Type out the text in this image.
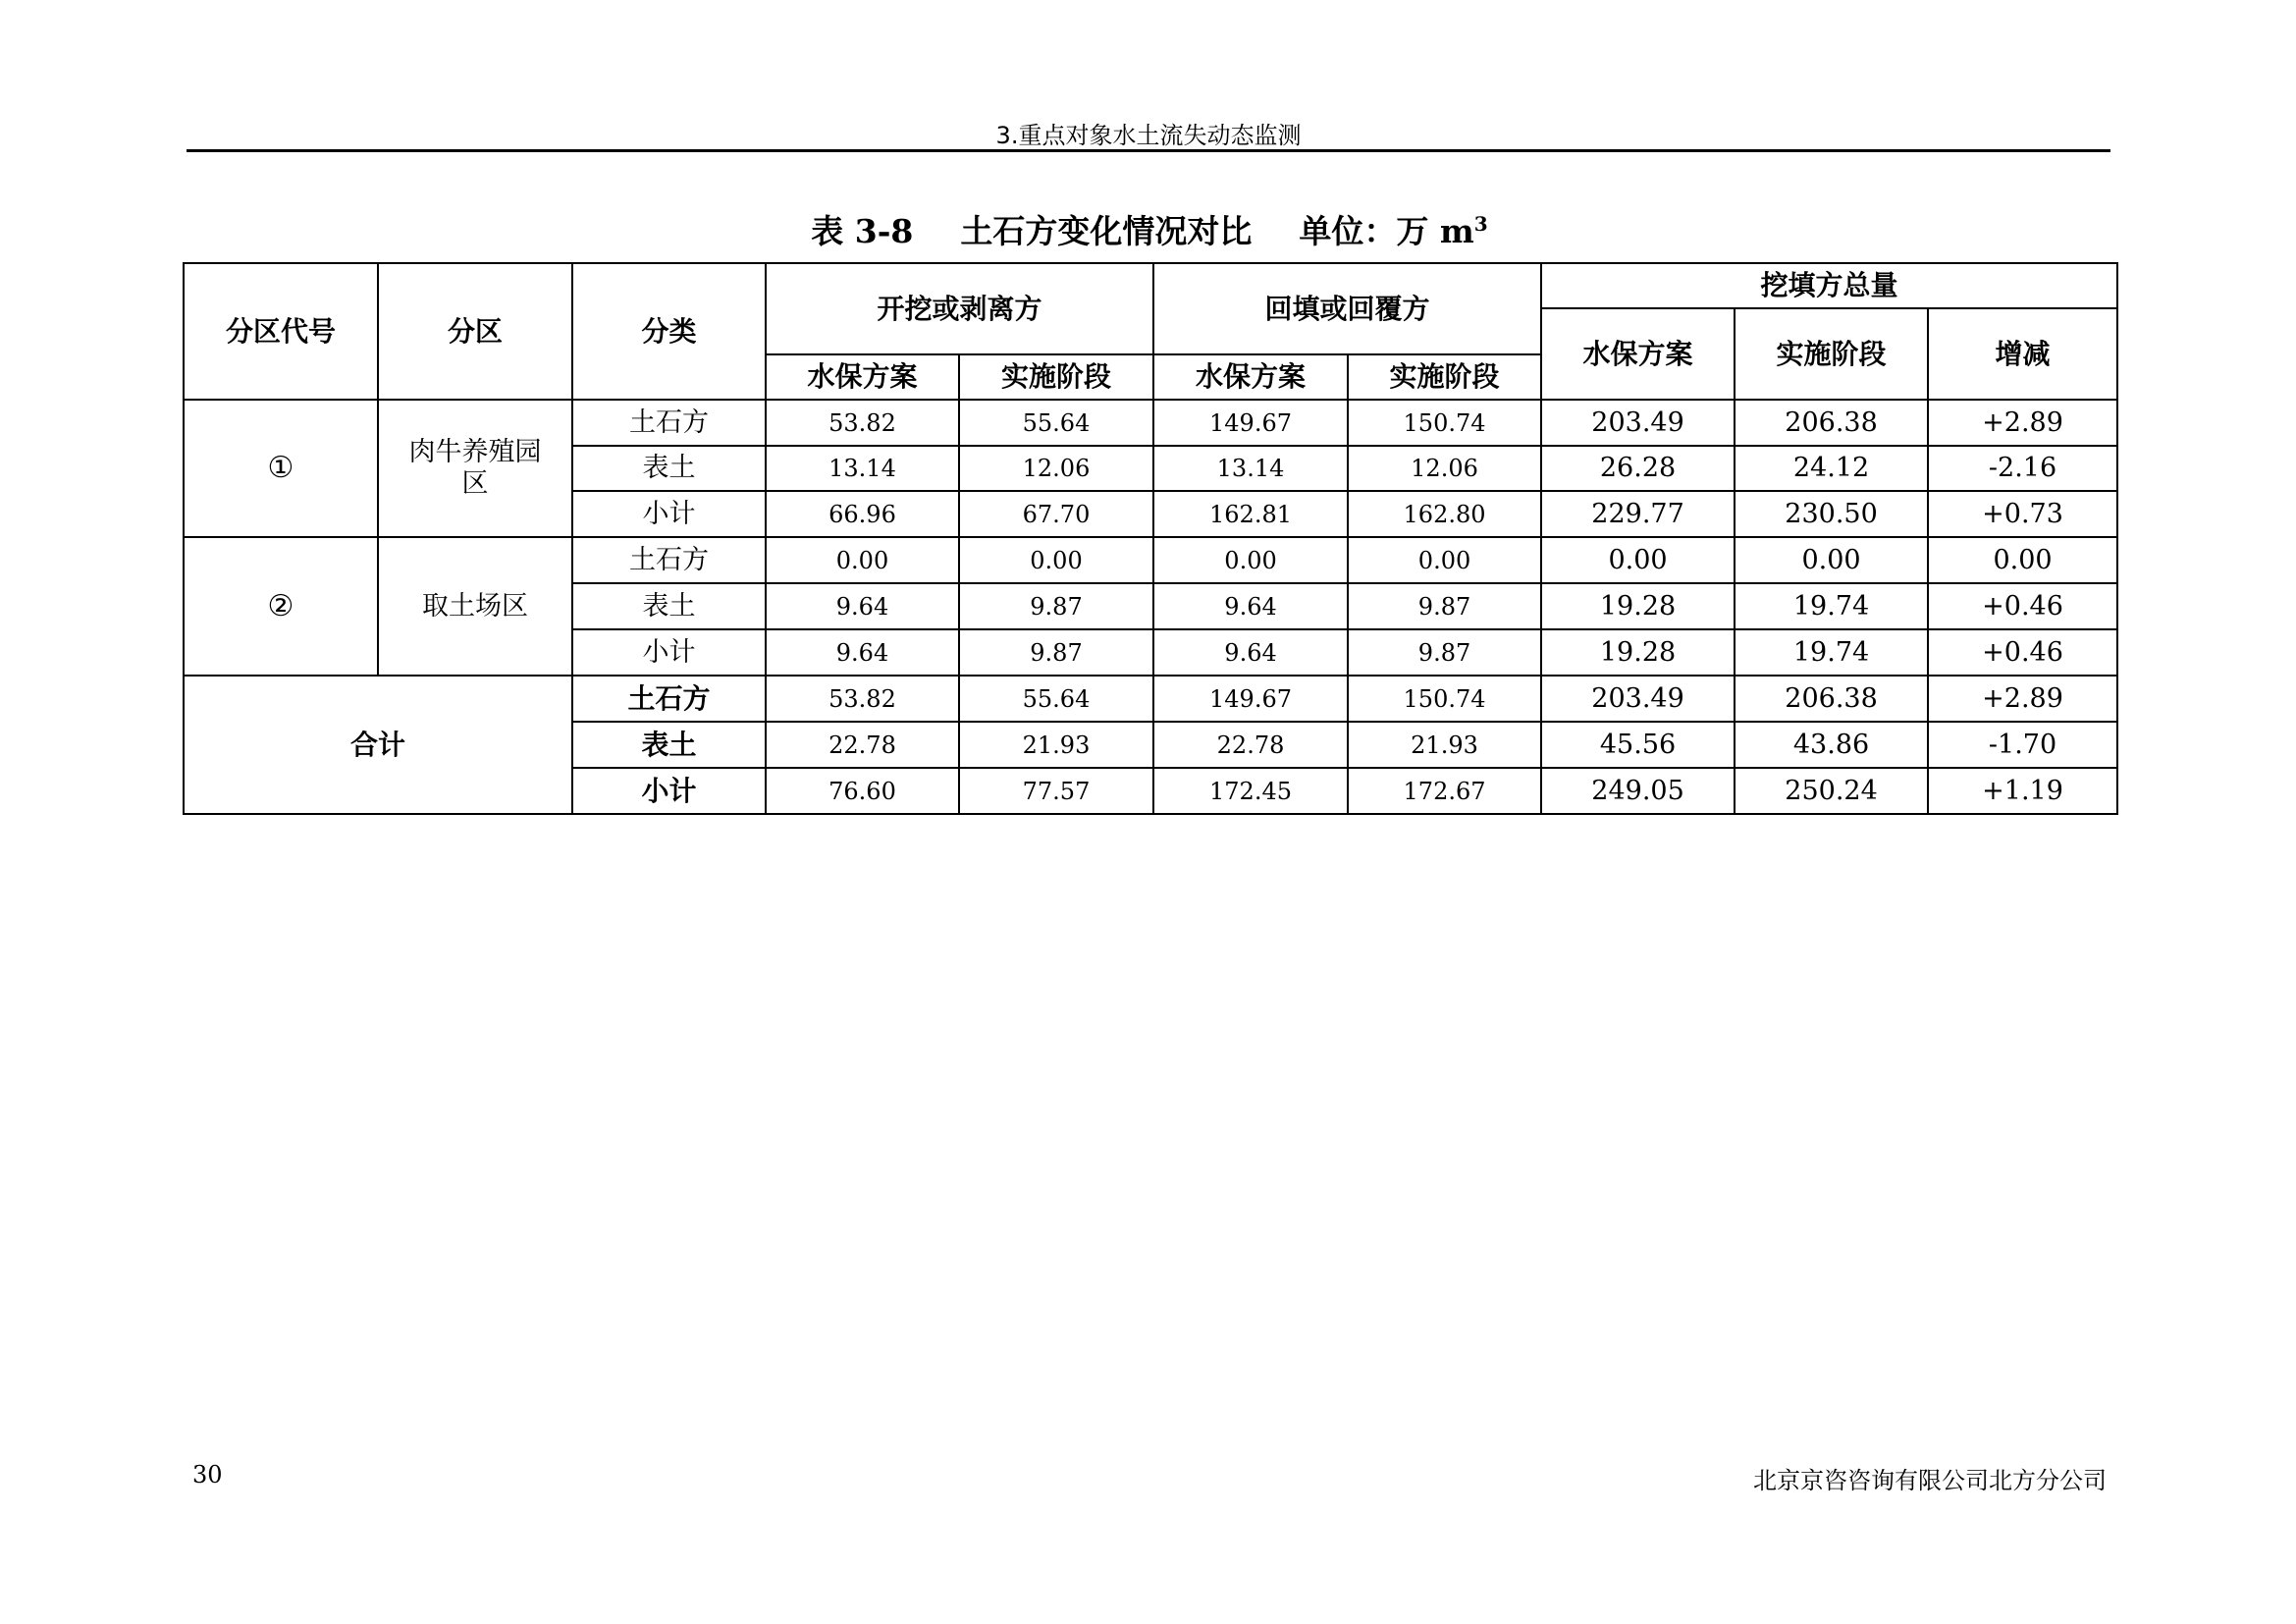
3.重点对象水土流失动态监测
表 3-8 土石方变化情况对比 单位：万 $m^3$
分区代号	分区	分类	开挖或剥离方		回填或回覆方		挖填方总量		
							水保方案	实施阶段	增减
			水保方案	实施阶段	水保方案	实施阶段			
①	肉牛养殖园区	土石方	53.82	55.64	149.67	150.74	203.49	206.38	+2.89
		表土	13.14	12.06	13.14	12.06	26.28	24.12	-2.16
		小计	66.96	67.70	162.81	162.80	229.77	230.50	+0.73
②	取土场区	土石方	0.00	0.00	0.00	0.00	0.00	0.00	0.00
		表土	9.64	9.87	9.64	9.87	19.28	19.74	+0.46
		小计	9.64	9.87	9.64	9.87	19.28	19.74	+0.46
合计		土石方	53.82	55.64	149.67	150.74	203.49	206.38	+2.89
		表土	22.78	21.93	22.78	21.93	45.56	43.86	-1.70
		小计	76.60	77.57	172.45	172.67	249.05	250.24	+1.19
30	北京京咨咨询有限公司北方分公司
